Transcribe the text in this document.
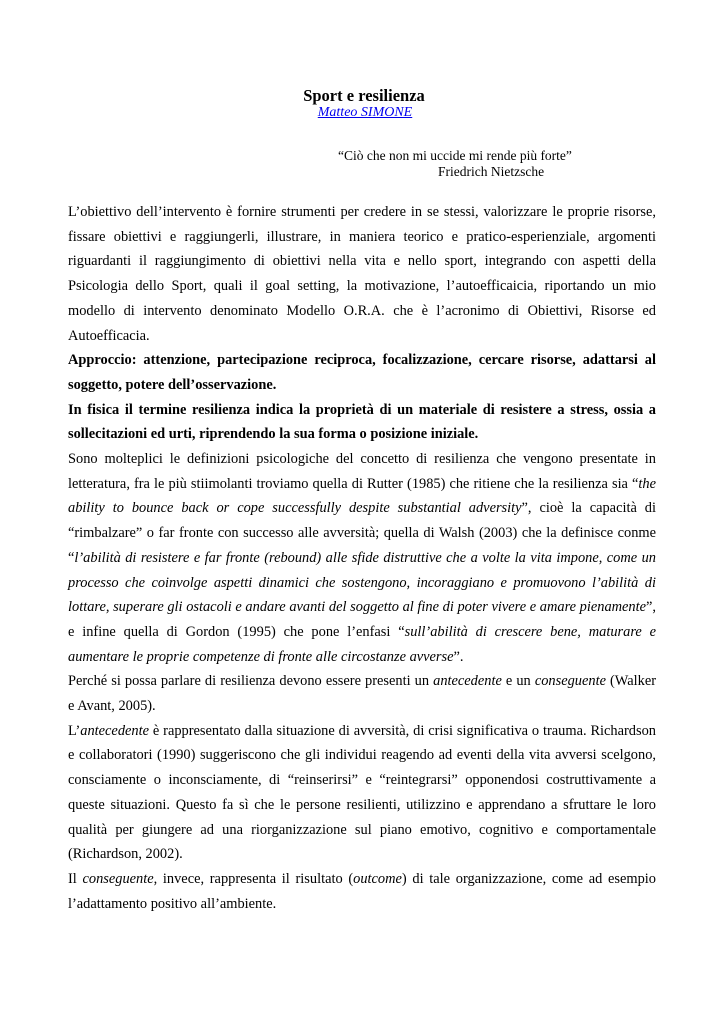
Sport e resilienza

Matteo SIMONE

“Ciò che non mi uccide mi rende più forte”
Friedrich Nietzsche

L’obiettivo dell’intervento è fornire strumenti per credere in se stessi, valorizzare le proprie risorse, fissare obiettivi e raggiungerli, illustrare, in maniera teorico e pratico-esperienziale, argomenti riguardanti il raggiungimento di obiettivi nella vita e nello sport, integrando con aspetti della Psicologia dello Sport, quali il goal setting, la motivazione, l’autoefficaicia, riportando un mio modello di intervento denominato Modello O.R.A. che è l’acronimo di Obiettivi, Risorse ed Autoefficacia.

Approccio: attenzione, partecipazione reciproca, focalizzazione, cercare risorse, adattarsi al soggetto, potere dell’osservazione.

In fisica il termine resilienza indica la proprietà di un materiale di resistere a stress, ossia a sollecitazioni ed urti, riprendendo la sua forma o posizione iniziale.

Sono molteplici le definizioni psicologiche del concetto di resilienza che vengono presentate in letteratura, fra le più stiimolanti troviamo quella di Rutter (1985) che ritiene che la resilienza sia “the ability to bounce back or cope successfully despite substantial adversity”, cioè la capacità di “rimbalzare” o far fronte con successo alle avversità; quella di Walsh (2003) che la definisce conme “l’abilità di resistere e far fronte (rebound) alle sfide distruttive che a volte la vita impone, come un processo che coinvolge aspetti dinamici che sostengono, incoraggiano e promuovono l’abilità di lottare, superare gli ostacoli e andare avanti del soggetto al fine di poter vivere e amare pienamente”, e infine quella di Gordon (1995) che pone l’enfasi “sull’abilità di crescere bene, maturare e aumentare le proprie competenze di fronte alle circostanze avverse”.

Perché si possa parlare di resilienza devono essere presenti un antecedente e un conseguente (Walker e Avant, 2005).

L’antecedente è rappresentato dalla situazione di avversità, di crisi significativa o trauma. Richardson e collaboratori (1990) suggeriscono che gli individui reagendo ad eventi della vita avversi scelgono, consciamente o inconsciamente, di “reinserirsi” e “reintegrarsi” opponendosi costruttivamente a queste situazioni. Questo fa sì che le persone resilienti, utilizzino e apprendano a sfruttare le loro qualità per giungere ad una riorganizzazione sul piano emotivo, cognitivo e comportamentale (Richardson, 2002).

Il conseguente, invece, rappresenta il risultato (outcome) di tale organizzazione, come ad esempio l’adattamento positivo all’ambiente.
